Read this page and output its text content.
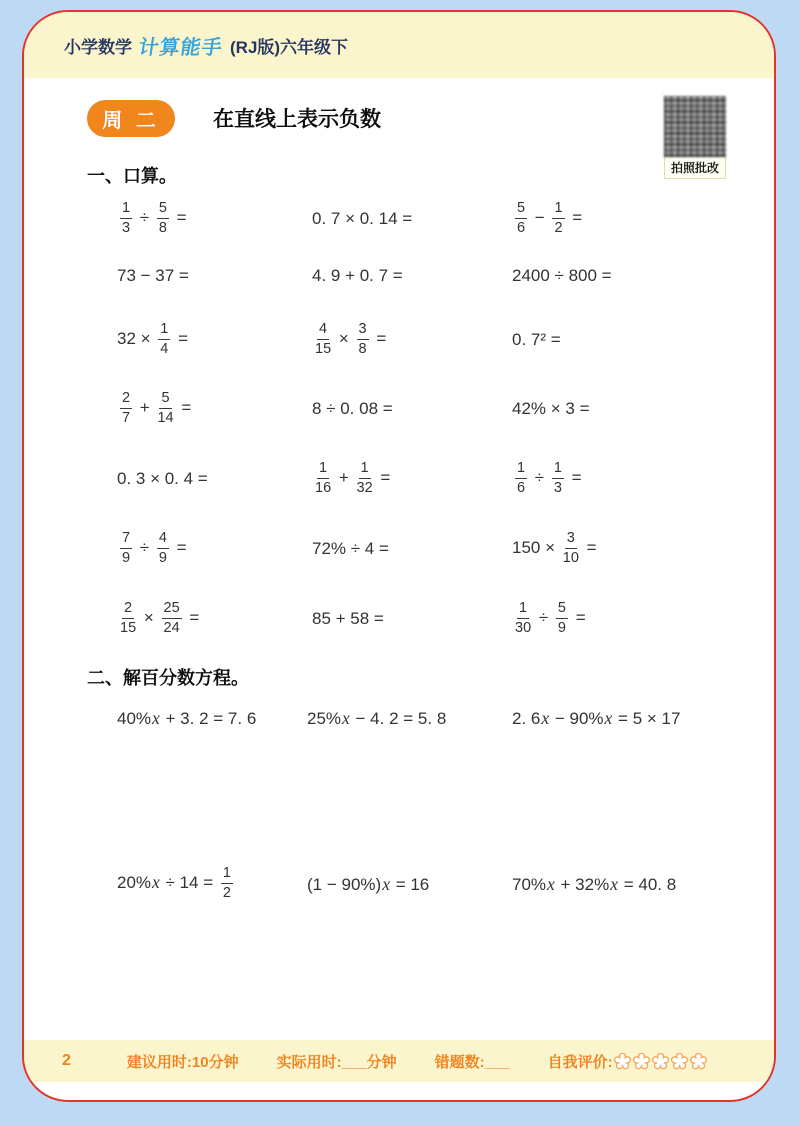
小学数学 计算能手 (RJ版)六年级下
拍照批改
周 二	在直线上表示负数
一、口算。
$\frac{1}{3} \div \frac{5}{8}$ =	0. 7 × 0. 14 =	$\frac{5}{6} - \frac{1}{2}$ =
73 − 37 =	4. 9 + 0. 7 =	2400 ÷ 800 =
$32 \times \frac{1}{4}$ =	$\frac{4}{15} \times \frac{3}{8}$ =	0. 7² =
$\frac{2}{7} + \frac{5}{14}$ =	8 ÷ 0. 08 =	42% × 3 =
0. 3 × 0. 4 =	$\frac{1}{16} + \frac{1}{32}$ =	$\frac{1}{6} \div \frac{1}{3}$ =
$\frac{7}{9} \div \frac{4}{9}$ =	72% ÷ 4 =	$150 \times \frac{3}{10}$ =
$\frac{2}{15} \times \frac{25}{24}$ =	85 + 58 =	$\frac{1}{30} \div \frac{5}{9}$ =
二、解百分数方程。
40%x + 3. 2 = 7. 6	25%x − 4. 2 = 5. 8	2. 6x − 90%x = 5 × 17
$20\%x \div 14 = \frac{1}{2}$	(1 − 90%)x = 16	70%x + 32%x = 40. 8
2	建议用时:10分钟	实际用时:___分钟	错题数:___	自我评价:
